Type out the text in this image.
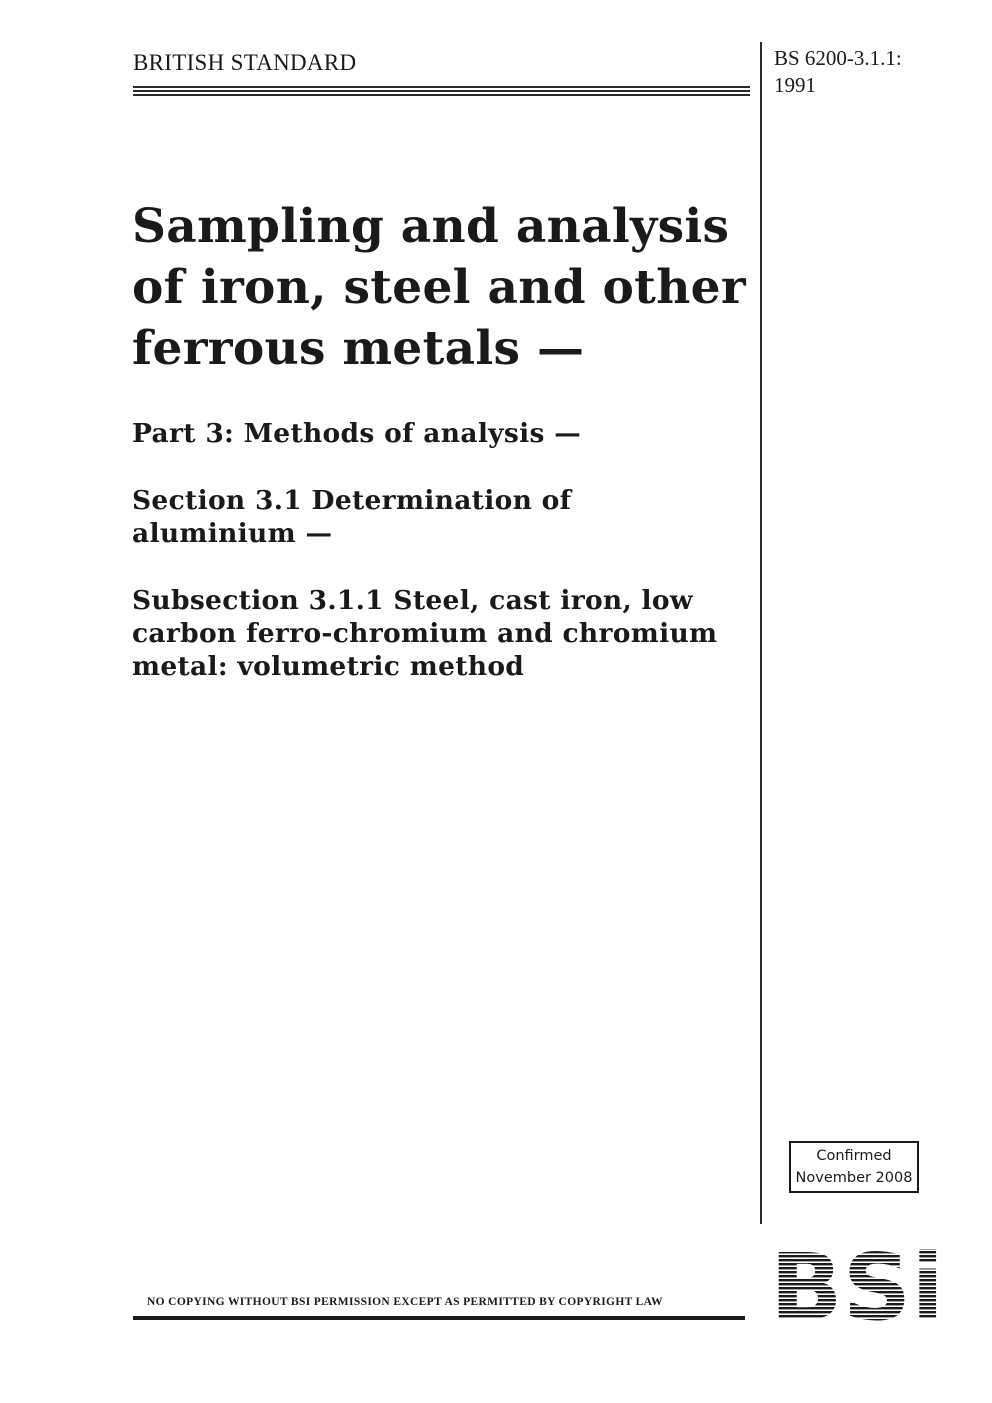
BRITISH STANDARD	BS 6200-3.1.1:
1991
Sampling and analysis
of iron, steel and other
ferrous metals —
Part 3: Methods of analysis —
Section 3.1 Determination of
aluminium —
Subsection 3.1.1 Steel, cast iron, low
carbon ferro-chromium and chromium
metal: volumetric method
Confirmed
November 2008
NO COPYING WITHOUT BSI PERMISSION EXCEPT AS PERMITTED BY COPYRIGHT LAW
